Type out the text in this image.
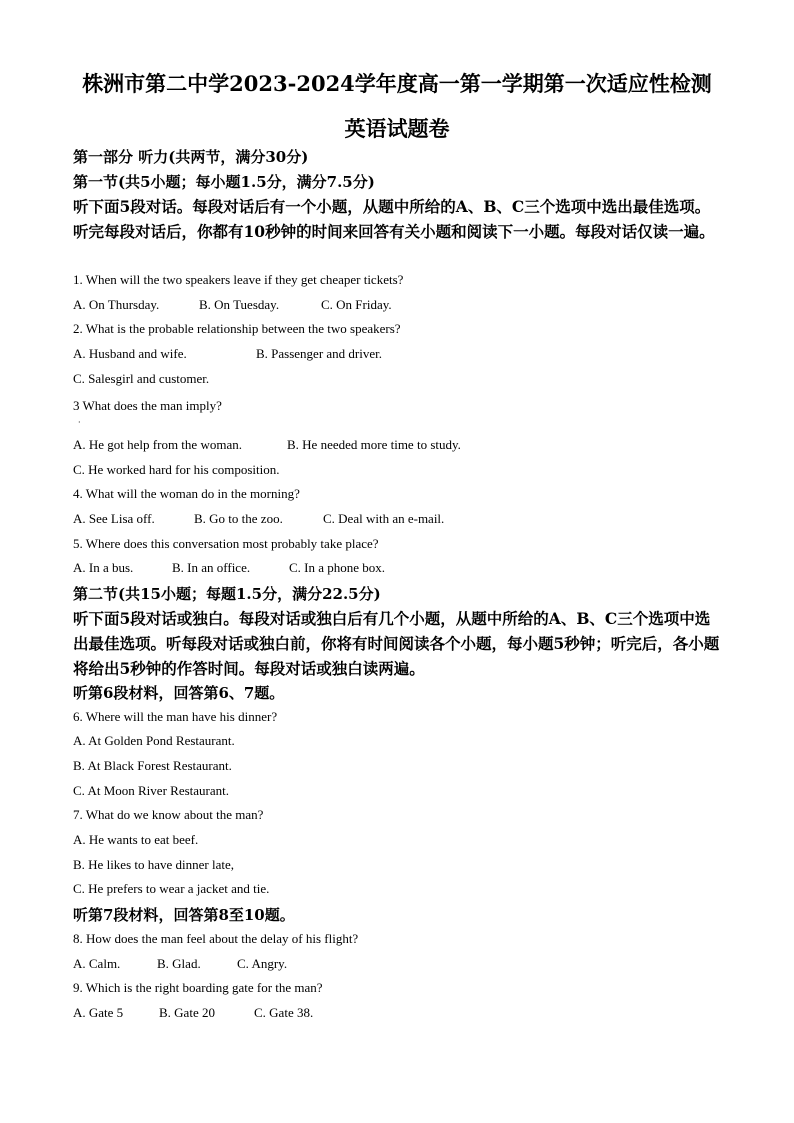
株洲市第二中学2023-2024学年度高一第一学期第一次适应性检测
英语试题卷
第一部分 听力(共两节，满分30分)
第一节(共5小题；每小题1.5分，满分7.5分)
听下面5段对话。每段对话后有一个小题，从题中所给的A、B、C三个选项中选出最佳选项。听完每段对话后，你都有10秒钟的时间来回答有关小题和阅读下一小题。每段对话仅读一遍。
1. When will the two speakers leave if they get cheaper tickets?
A. On Thursday.	B. On Tuesday.	C. On Friday.
2. What is the probable relationship between the two speakers?
A. Husband and wife.	B. Passenger and driver.
C. Salesgirl and customer.
3 What does the man imply?
·
A. He got help from the woman.	B. He needed more time to study.
C. He worked hard for his composition.
4. What will the woman do in the morning?
A. See Lisa off.	B. Go to the zoo.	C. Deal with an e-mail.
5. Where does this conversation most probably take place?
A. In a bus.	B. In an office.	C. In a phone box.
第二节(共15小题；每题1.5分，满分22.5分)
听下面5段对话或独白。每段对话或独白后有几个小题，从题中所给的A、B、C三个选项中选出最佳选项。听每段对话或独白前，你将有时间阅读各个小题，每小题5秒钟；听完后，各小题将给出5秒钟的作答时间。每段对话或独白读两遍。
听第6段材料，回答第6、7题。
6. Where will the man have his dinner?
A. At Golden Pond Restaurant.
B. At Black Forest Restaurant.
C. At Moon River Restaurant.
7. What do we know about the man?
A. He wants to eat beef.
B. He likes to have dinner late,
C. He prefers to wear a jacket and tie.
听第7段材料，回答第8至10题。
8. How does the man feel about the delay of his flight?
A. Calm.	B. Glad.	C. Angry.
9. Which is the right boarding gate for the man?
A. Gate 5	B. Gate 20	C. Gate 38.
